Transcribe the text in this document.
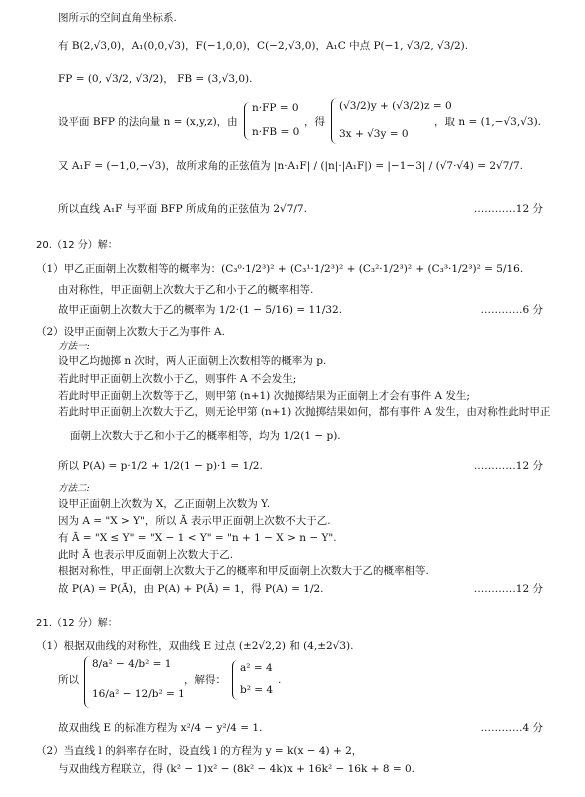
图所示的空间直角坐标系.
有 B(2,√3,0)，A₁(0,0,√3)，F(−1,0,0)，C(−2,√3,0)，A₁C 中点 P(−1, √3/2, √3/2).
FP = (0, √3/2, √3/2)， FB = (3,√3,0).
设平面 BFP 的法向量 n = (x,y,z)，由
n·FP = 0
n·FB = 0
，得
(√3/2)y + (√3/2)z = 0
3x + √3y = 0
，取 n = (1,−√3,√3).
又 A₁F = (−1,0,−√3)，故所求角的正弦值为 |n·A₁F| / (|n|·|A₁F|) = |−1−3| / (√7·√4) = 2√7/7.
所以直线 A₁F 与平面 BFP 所成角的正弦值为 2√7/7.	…………12 分
20.（12 分）解：
（1）甲乙正面朝上次数相等的概率为：(C₃⁰·1/2³)² + (C₃¹·1/2³)² + (C₃²·1/2³)² + (C₃³·1/2³)² = 5/16.
由对称性，甲正面朝上次数大于乙和小于乙的概率相等.
故甲正面朝上次数大于乙的概率为 1/2·(1 − 5/16) = 11/32.	…………6 分
（2）设甲正面朝上次数大于乙为事件 A.
方法一:
设甲乙均抛掷 n 次时，两人正面朝上次数相等的概率为 p.
若此时甲正面朝上次数小于乙，则事件 A 不会发生;
若此时甲正面朝上次数等于乙，则甲第 (n+1) 次抛掷结果为正面朝上才会有事件 A 发生;
若此时甲正面朝上次数大于乙，则无论甲第 (n+1) 次抛掷结果如何，都有事件 A 发生，由对称性此时甲正
面朝上次数大于乙和小于乙的概率相等，均为 1/2(1 − p).
所以 P(A) = p·1/2 + 1/2(1 − p)·1 = 1/2.	…………12 分
方法二:
设甲正面朝上次数为 X，乙正面朝上次数为 Y.
因为 A = "X > Y"，所以 Ā 表示甲正面朝上次数不大于乙.
有 Ā = "X ≤ Y" = "X − 1 < Y" = "n + 1 − X > n − Y".
此时 Ā 也表示甲反面朝上次数大于乙.
根据对称性，甲正面朝上次数大于乙的概率和甲反面朝上次数大于乙的概率相等.
故 P(A) = P(Ā)，由 P(A) + P(Ā) = 1，得 P(A) = 1/2.	…………12 分
21.（12 分）解：
（1）根据双曲线的对称性，双曲线 E 过点 (±2√2,2) 和 (4,±2√3).
所以
8/a² − 4/b² = 1
16/a² − 12/b² = 1
，解得：
a² = 4
b² = 4
.
故双曲线 E 的标准方程为 x²/4 − y²/4 = 1.	…………4 分
（2）当直线 l 的斜率存在时，设直线 l 的方程为 y = k(x − 4) + 2，
与双曲线方程联立，得 (k² − 1)x² − (8k² − 4k)x + 16k² − 16k + 8 = 0.
